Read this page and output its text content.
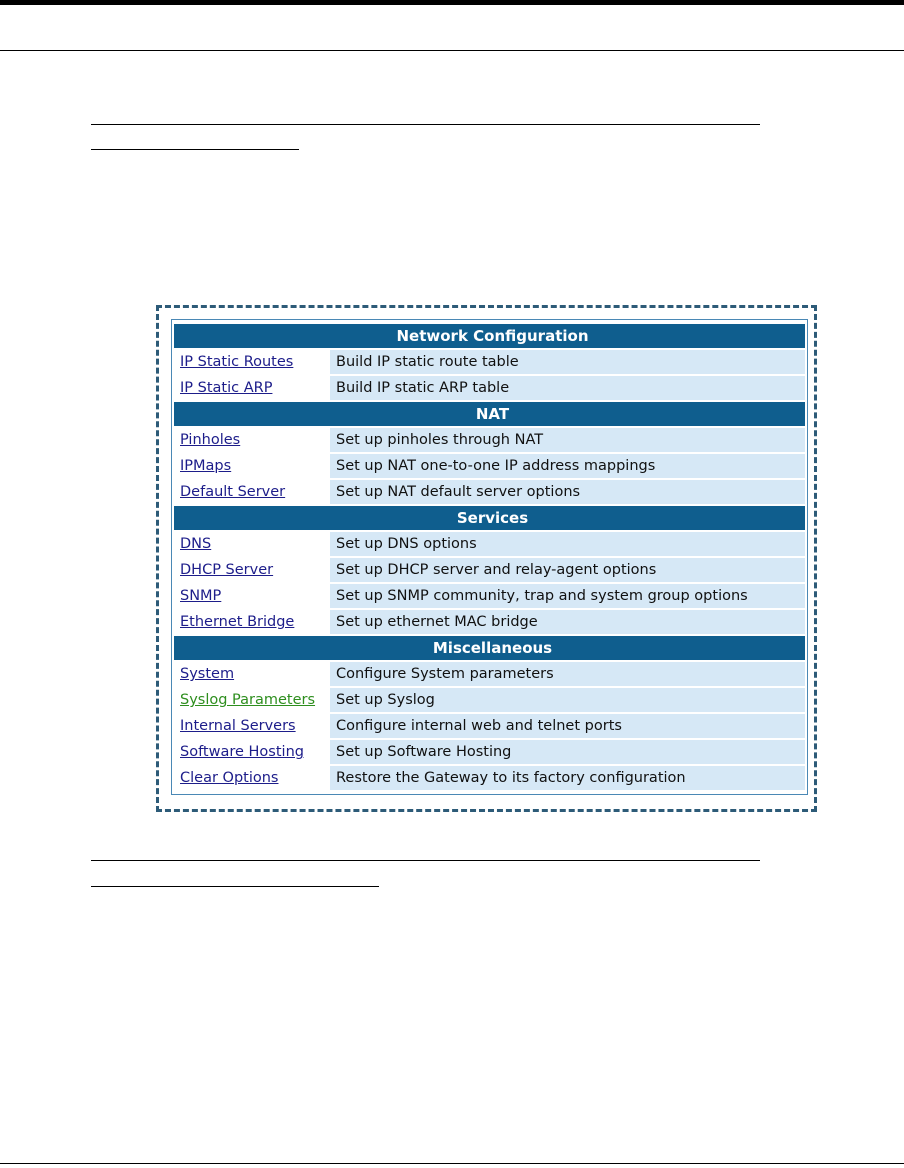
Network Configuration	
IP Static Routes	Build IP static route table
IP Static ARP	Build IP static ARP table
NAT	
Pinholes	Set up pinholes through NAT
IPMaps	Set up NAT one-to-one IP address mappings
Default Server	Set up NAT default server options
Services	
DNS	Set up DNS options
DHCP Server	Set up DHCP server and relay-agent options
SNMP	Set up SNMP community, trap and system group options
Ethernet Bridge	Set up ethernet MAC bridge
Miscellaneous	
System	Configure System parameters
Syslog Parameters	Set up Syslog
Internal Servers	Configure internal web and telnet ports
Software Hosting	Set up Software Hosting
Clear Options	Restore the Gateway to its factory configuration
